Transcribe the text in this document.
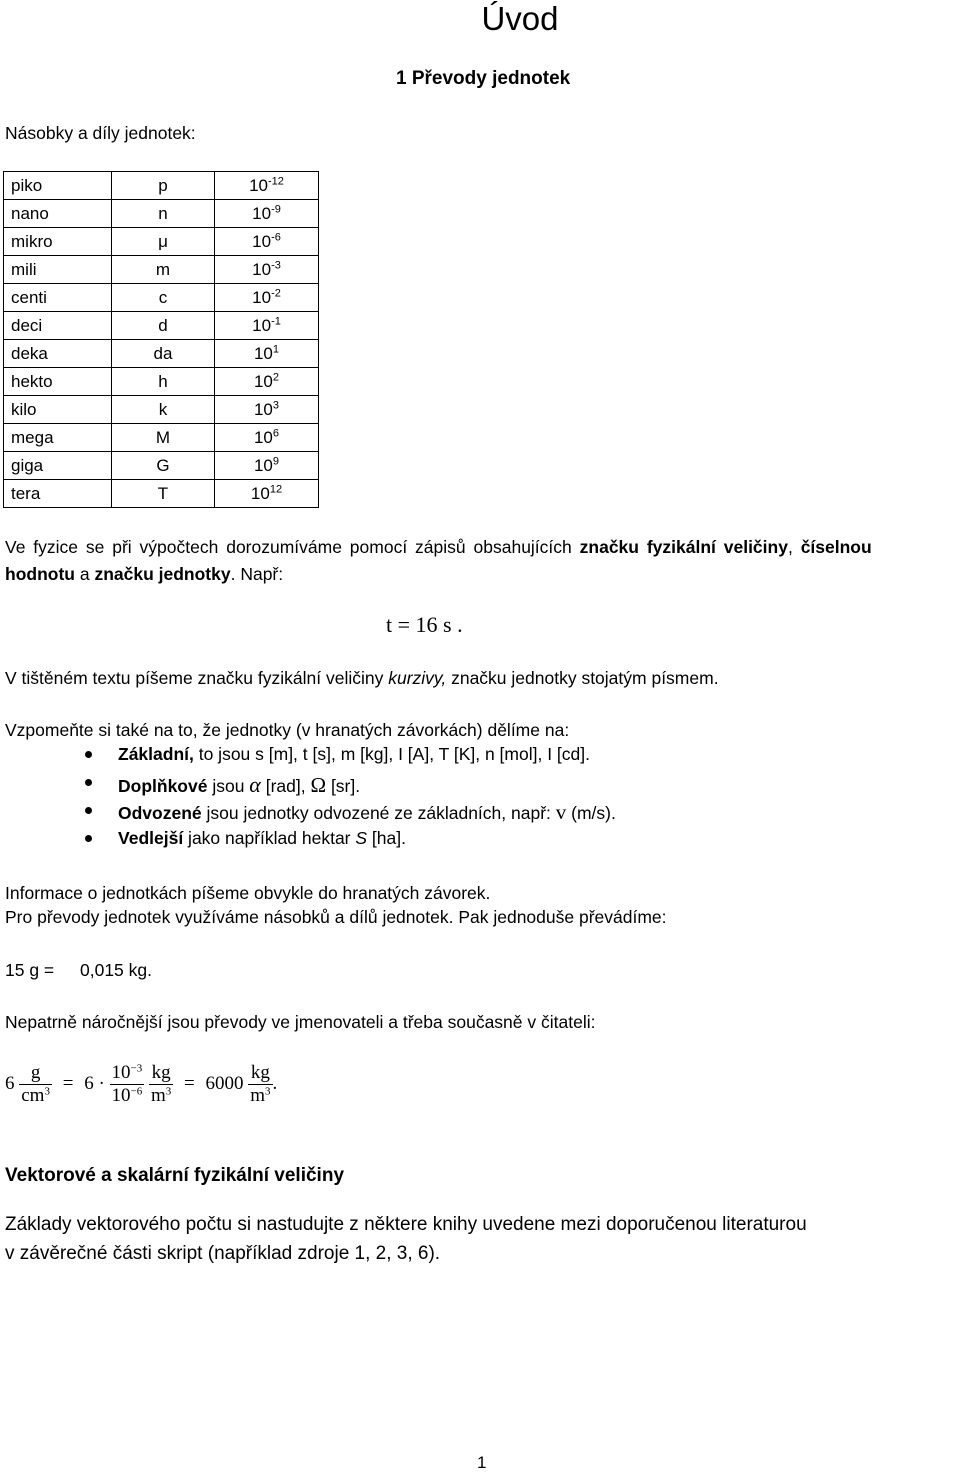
Úvod
1 Převody jednotek
Násobky a díly jednotek:
piko	p	$10^{-12}$
nano	n	$10^{-9}$
mikro	μ	$10^{-6}$
mili	m	$10^{-3}$
centi	c	$10^{-2}$
deci	d	$10^{-1}$
deka	da	$10^1$
hekto	h	$10^2$
kilo	k	$10^3$
mega	M	$10^6$
giga	G	$10^9$
tera	T	$10^{12}$
Ve fyzice se při výpočtech dorozumíváme pomocí zápisů obsahujících značku fyzikální veličiny, číselnou
hodnotu a značku jednotky. Např:
t = 16 s .
V tištěném textu píšeme značku fyzikální veličiny kurzivy, značku jednotky stojatým písmem.
Vzpomeňte si také na to, že jednotky (v hranatých závorkách) dělíme na:
Základní, to jsou s [m], t [s], m [kg], I [A], T [K], n [mol], I [cd].
Doplňkové jsou α [rad], Ω [sr].
Odvozené jsou jednotky odvozené ze základních, např: v (m/s).
Vedlejší jako například hektar S [ha].
Informace o jednotkách píšeme obvykle do hranatých závorek.
Pro převody jednotek využíváme násobků a dílů jednotek. Pak jednoduše převádíme:
15 g = 0,015 kg.
Nepatrně náročnější jsou převody ve jmenovateli a třeba současně v čitateli:
$6 \frac{g}{cm^3} = 6 \cdot \frac{10^{-3}}{10^{-6}}$
$\frac{kg}{m^3} = 6000 \frac{kg}{m^3}$ .
Vektorové a skalární fyzikální veličiny
Základy vektorového počtu si nastudujte z některe knihy uvedene mezi doporučenou literaturou
v závěrečné části skript (například zdroje 1, 2, 3, 6).
1
